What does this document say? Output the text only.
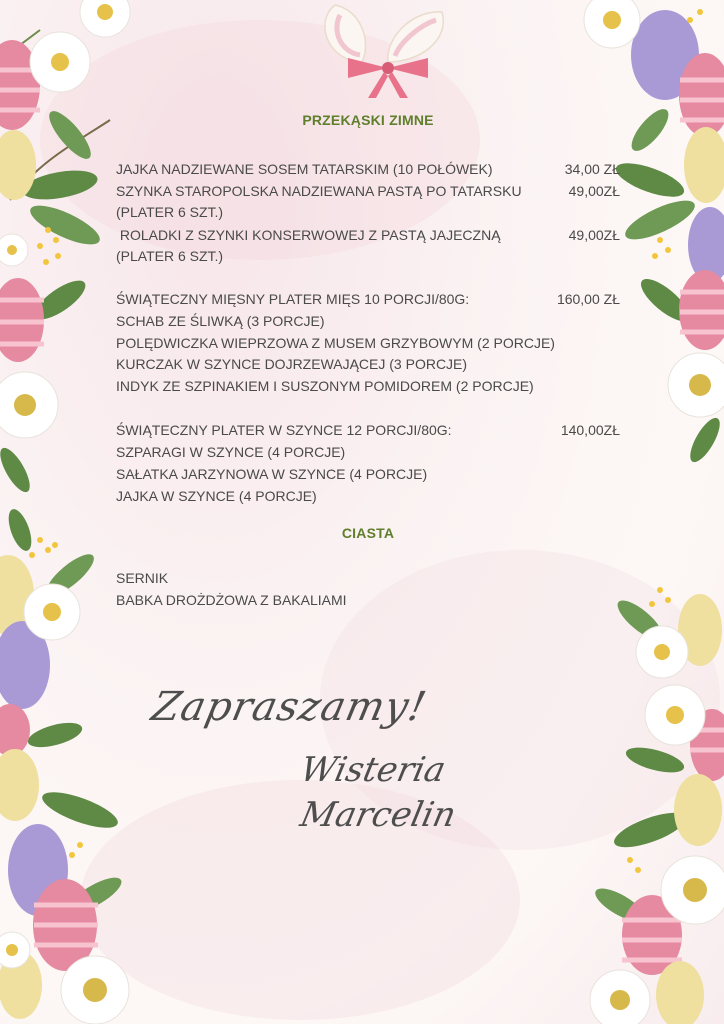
PRZEKĄSKI ZIMNE
JAJKA NADZIEWANE SOSEM TATARSKIM (10 POŁÓWEK)	34,00 ZŁ
SZYNKA STAROPOLSKA NADZIEWANA PASTĄ PO TATARSKU	49,00ZŁ
(PLATER 6 SZT.)
ROLADKI Z SZYNKI KONSERWOWEJ Z PASTĄ JAJECZNĄ	49,00ZŁ
(PLATER 6 SZT.)
ŚWIĄTECZNY MIĘSNY PLATER MIĘS 10 PORCJI/80G:	160,00 ZŁ
SCHAB ZE ŚLIWKĄ (3 PORCJE)
POLĘDWICZKA WIEPRZOWA Z MUSEM GRZYBOWYM (2 PORCJE)
KURCZAK W SZYNCE DOJRZEWAJĄCEJ (3 PORCJE)
INDYK ZE SZPINAKIEM I SUSZONYM POMIDOREM (2 PORCJE)
ŚWIĄTECZNY PLATER W SZYNCE 12 PORCJI/80G:	140,00ZŁ
SZPARAGI W SZYNCE (4 PORCJE)
SAŁATKA JARZYNOWA W SZYNCE (4 PORCJE)
JAJKA W SZYNCE (4 PORCJE)
CIASTA
SERNIK
BABKA DROŻDŻOWA Z BAKALIAMI
Zapraszamy!
Wisteria
Marcelin
